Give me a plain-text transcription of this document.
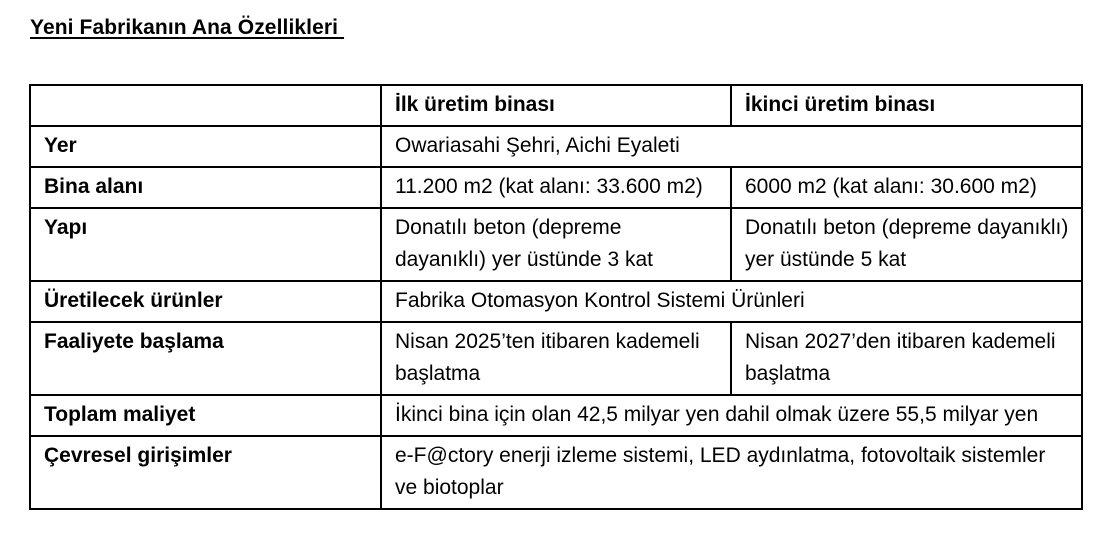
Yeni Fabrikanın Ana Özellikleri
	İlk üretim binası	İkinci üretim binası
Yer	Owariasahi Şehri, Aichi Eyaleti	
Bina alanı	11.200 m2 (kat alanı: 33.600 m2)	6000 m2 (kat alanı: 30.600 m2)
Yapı	Donatılı beton (depreme dayanıklı) yer üstünde 3 kat	Donatılı beton (depreme dayanıklı) yer üstünde 5 kat
Üretilecek ürünler	Fabrika Otomasyon Kontrol Sistemi Ürünleri	
Faaliyete başlama	Nisan 2025’ten itibaren kademeli başlatma	Nisan 2027’den itibaren kademeli başlatma
Toplam maliyet	İkinci bina için olan 42,5 milyar yen dahil olmak üzere 55,5 milyar yen	
Çevresel girişimler	e-F@ctory enerji izleme sistemi, LED aydınlatma, fotovoltaik sistemler ve biotoplar	
